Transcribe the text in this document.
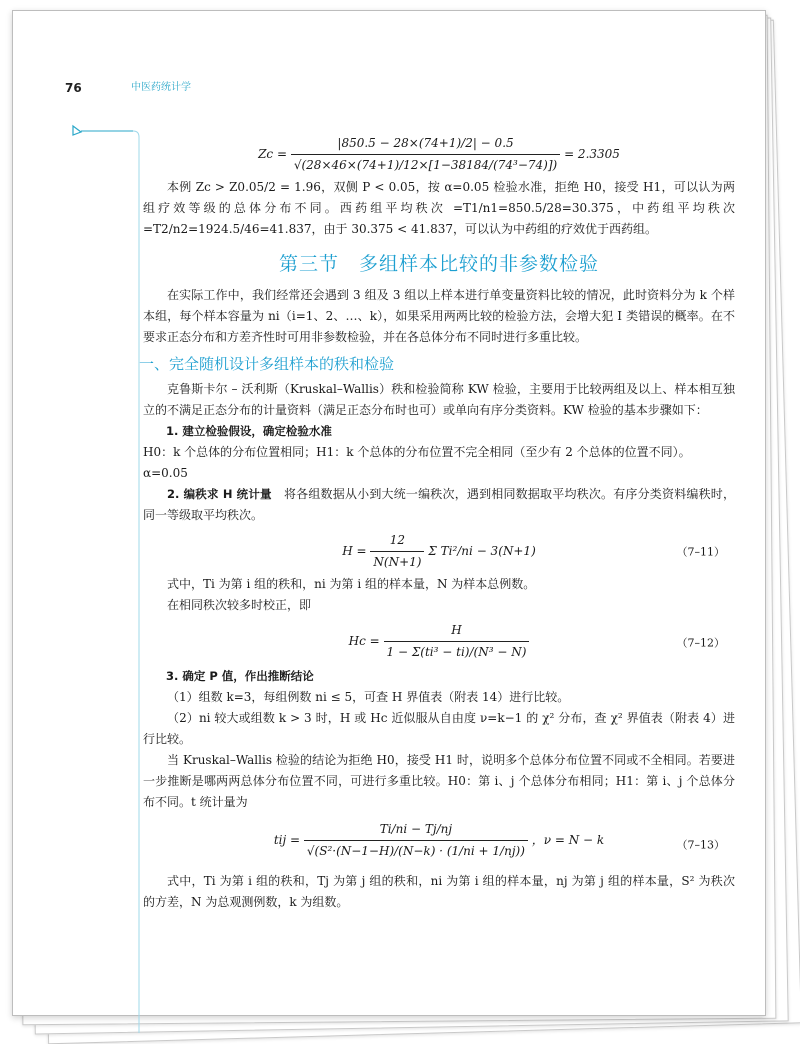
76	中医药统计学
$Zc = \frac{|850.5 - 28\times(74+1)/2| - 0.5}{\text{√(28×46×(74+1)/12×[1−38184/(74³−74)])}} = 2.3305$

本例 Zc > Z0.05/2 = 1.96，双侧 P < 0.05，按 α=0.05 检验水准，拒绝 H0，接受 H1，可以认为两组疗效等级的总体分布不同。西药组平均秩次 =T1/n1=850.5/28=30.375，中药组平均秩次 =T2/n2=1924.5/46=41.837，由于 30.375 < 41.837，可以认为中药组的疗效优于西药组。

第三节　多组样本比较的非参数检验

在实际工作中，我们经常还会遇到 3 组及 3 组以上样本进行单变量资料比较的情况，此时资料分为 k 个样本组，每个样本容量为 ni（i=1、2、…、k），如果采用两两比较的检验方法，会增大犯 Ⅰ 类错误的概率。在不要求正态分布和方差齐性时可用非参数检验，并在各总体分布不同时进行多重比较。

一、完全随机设计多组样本的秩和检验

克鲁斯卡尔 – 沃利斯（Kruskal–Wallis）秩和检验简称 KW 检验，主要用于比较两组及以上、样本相互独立的不满足正态分布的计量资料（满足正态分布时也可）或单向有序分类资料。KW 检验的基本步骤如下：

1. 建立检验假设，确定检验水准

H0：k 个总体的分布位置相同；H1：k 个总体的分布位置不完全相同（至少有 2 个总体的位置不同）。

α=0.05

2. 编秩求 H 统计量　 将各组数据从小到大统一编秩次，遇到相同数据取平均秩次。有序分类资料编秩时，同一等级取平均秩次。

$H = \frac{12}{N(N+1)}$ Σ Ti²/ni − 3(N+1)	（7–11）

式中，Ti 为第 i 组的秩和，ni 为第 i 组的样本量，N 为样本总例数。

在相同秩次较多时校正，即

$Hc = \frac{H}{\text{1 − Σ(ti³ − ti)/(N³ − N)}}$	（7–12）

3. 确定 P 值，作出推断结论

（1）组数 k=3，每组例数 ni ≤ 5，可查 H 界值表（附表 14）进行比较。

（2）ni 较大或组数 k > 3 时，H 或 Hc 近似服从自由度 ν=k−1 的 χ² 分布，查 χ² 界值表（附表 4）进行比较。

当 Kruskal–Wallis 检验的结论为拒绝 H0，接受 H1 时，说明多个总体分布位置不同或不全相同。若要进一步推断是哪两两总体分布位置不同，可进行多重比较。H0：第 i、j 个总体分布相同；H1：第 i、j 个总体分布不同。t 统计量为

tij = $\frac{Ti/ni - Tj/nj}{\text{√(S²·(N−1−H)/(N−k) · (1/ni + 1/nj))}}$ ，ν = N − k	（7–13）

式中，Ti 为第 i 组的秩和，Tj 为第 j 组的秩和，ni 为第 i 组的样本量，nj 为第 j 组的样本量，S² 为秩次的方差，N 为总观测例数，k 为组数。
